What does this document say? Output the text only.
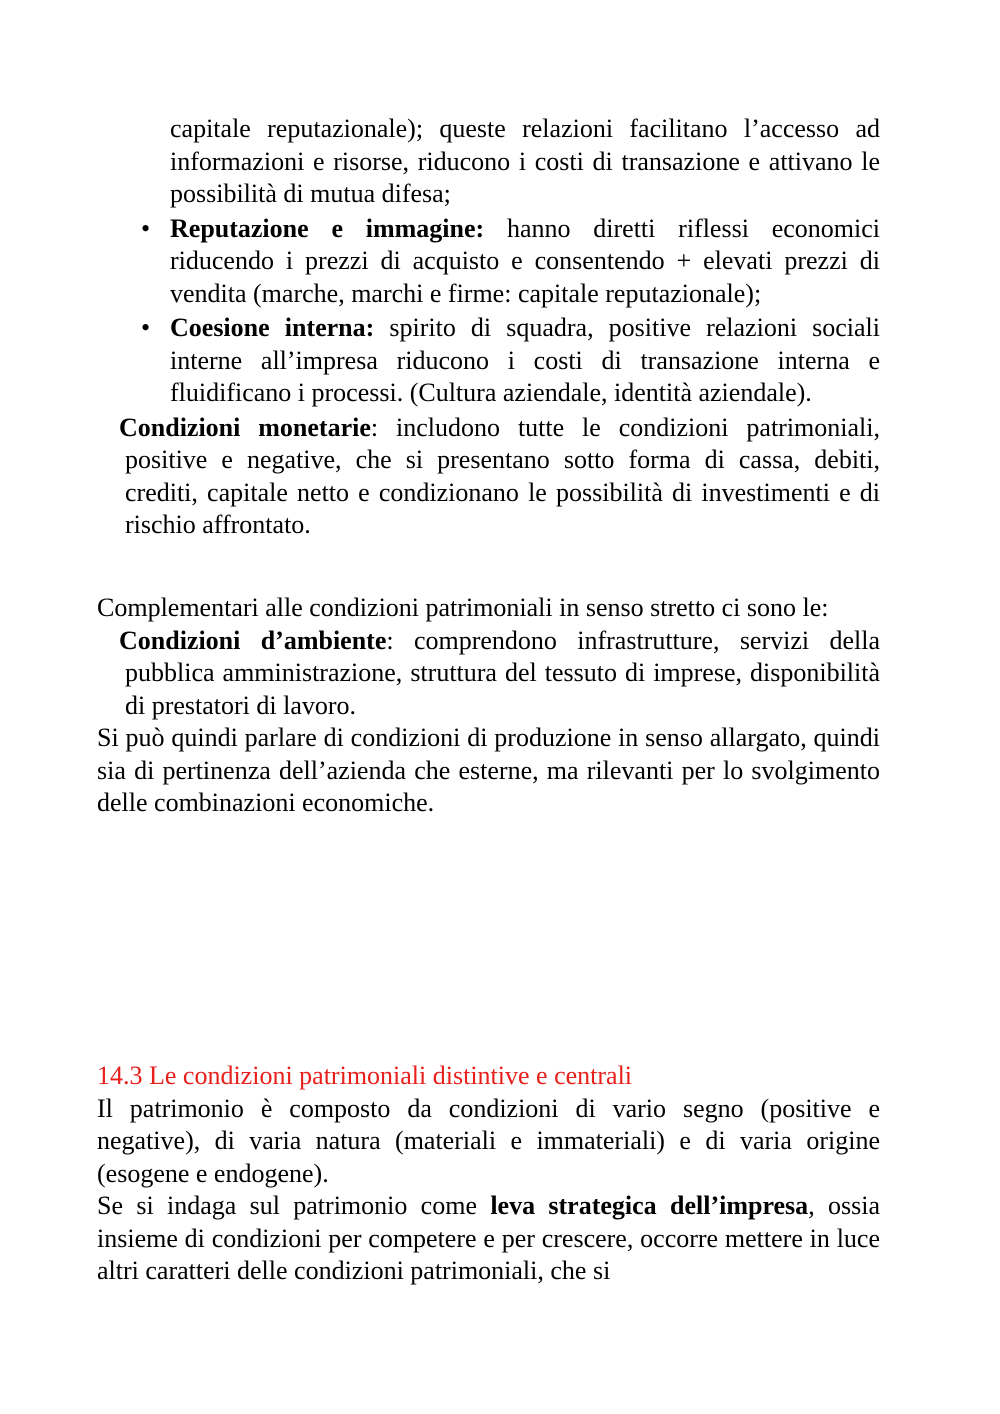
capitale reputazionale); queste relazioni facilitano l’accesso ad informazioni e risorse, riducono i costi di transazione e attivano le possibilità di mutua difesa;

• Reputazione e immagine: hanno diretti riflessi economici riducendo i prezzi di acquisto e consentendo + elevati prezzi di vendita (marche, marchi e firme: capitale reputazionale);

• Coesione interna: spirito di squadra, positive relazioni sociali interne all’impresa riducono i costi di transazione interna e fluidificano i processi. (Cultura aziendale, identità aziendale).

Condizioni monetarie: includono tutte le condizioni patrimoniali, positive e negative, che si presentano sotto forma di cassa, debiti, crediti, capitale netto e condizionano le possibilità di investimenti e di rischio affrontato.

Complementari alle condizioni patrimoniali in senso stretto ci sono le:

Condizioni d’ambiente: comprendono infrastrutture, servizi della pubblica amministrazione, struttura del tessuto di imprese, disponibilità di prestatori di lavoro.

Si può quindi parlare di condizioni di produzione in senso allargato, quindi sia di pertinenza dell’azienda che esterne, ma rilevanti per lo svolgimento delle combinazioni economiche.

14.3 Le condizioni patrimoniali distintive e centrali

Il patrimonio è composto da condizioni di vario segno (positive e negative), di varia natura (materiali e immateriali) e di varia origine (esogene e endogene).

Se si indaga sul patrimonio come leva strategica dell’impresa, ossia insieme di condizioni per competere e per crescere, occorre mettere in luce altri caratteri delle condizioni patrimoniali, che si
